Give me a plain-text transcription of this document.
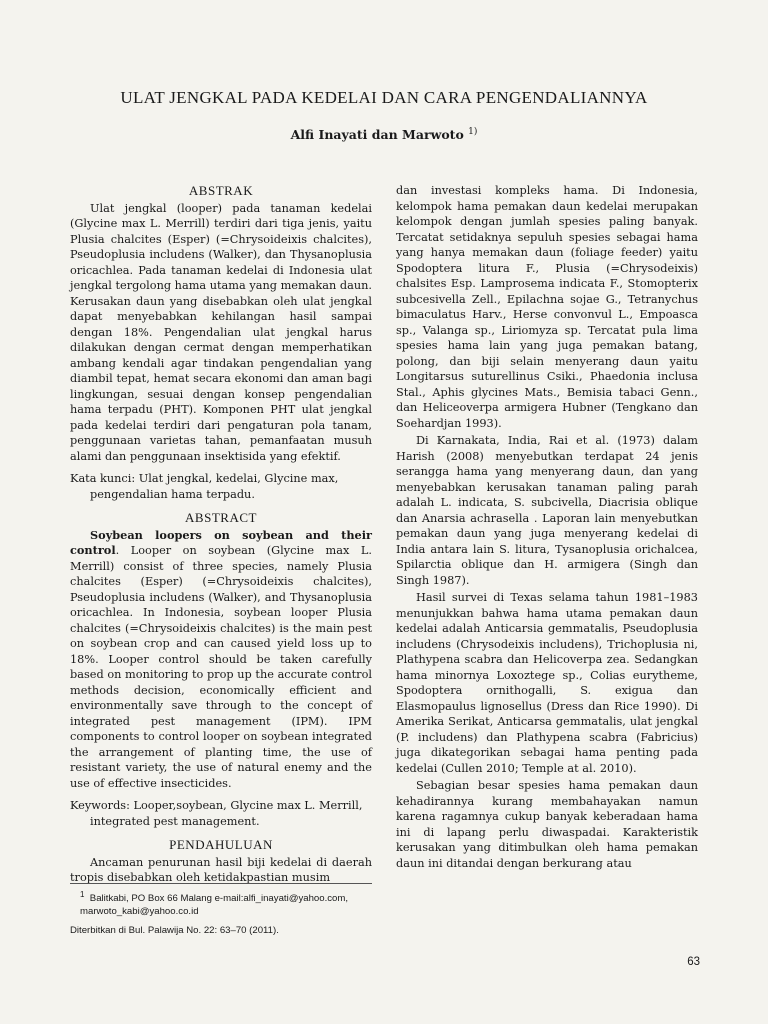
ULAT JENGKAL PADA KEDELAI DAN CARA PENGENDALIANNYA
Alfi Inayati dan Marwoto $^{1)}$
ABSTRAK

Ulat jengkal (looper) pada tanaman kedelai (Glycine max L. Merrill) terdiri dari tiga jenis, yaitu Plusia chalcites (Esper) (=Chrysoideixis chalcites), Pseudoplusia includens (Walker), dan Thysanoplusia oricachlea. Pada tanaman kedelai di Indonesia ulat jengkal tergolong hama utama yang memakan daun. Kerusakan daun yang disebabkan oleh ulat jengkal dapat menyebabkan kehilangan hasil sampai dengan 18%. Pengendalian ulat jengkal harus dilakukan dengan cermat dengan memperhatikan ambang kendali agar tindakan pengendalian yang diambil tepat, hemat secara ekonomi dan aman bagi lingkungan, sesuai dengan konsep pengendalian hama terpadu (PHT). Komponen PHT ulat jengkal pada kedelai terdiri dari pengaturan pola tanam, penggunaan varietas tahan, pemanfaatan musuh alami dan penggunaan insektisida yang efektif.

Kata kunci: Ulat jengkal, kedelai, Glycine max, pengendalian hama terpadu.

ABSTRACT

Soybean loopers on soybean and their control. Looper on soybean (Glycine max L. Merrill) consist of three species, namely Plusia chalcites (Esper) (=Chrysoideixis chalcites), Pseudoplusia includens (Walker), and Thysanoplusia oricachlea. In Indonesia, soybean looper Plusia chalcites (=Chrysoideixis chalcites) is the main pest on soybean crop and can caused yield loss up to 18%. Looper control should be taken carefully based on monitoring to prop up the accurate control methods decision, economically efficient and environmentally save through to the concept of integrated pest management (IPM). IPM components to control looper on soybean integrated the arrangement of planting time, the use of resistant variety, the use of natural enemy and the use of effective insecticides.

Keywords: Looper,soybean, Glycine max L. Merrill, integrated pest management.

PENDAHULUAN

Ancaman penurunan hasil biji kedelai di daerah tropis disebabkan oleh ketidakpastian musim

dan investasi kompleks hama. Di Indonesia, kelompok hama pemakan daun kedelai merupakan kelompok dengan jumlah spesies paling banyak. Tercatat setidaknya sepuluh spesies sebagai hama yang hanya memakan daun (foliage feeder) yaitu Spodoptera litura F., Plusia (=Chrysodeixis) chalsites Esp. Lamprosema indicata F., Stomopterix subcesivella Zell., Epilachna sojae G., Tetranychus bimaculatus Harv., Herse convonvul L., Empoasca sp., Valanga sp., Liriomyza sp. Tercatat pula lima spesies hama lain yang juga pemakan batang, polong, dan biji selain menyerang daun yaitu Longitarsus suturellinus Csiki., Phaedonia inclusa Stal., Aphis glycines Mats., Bemisia tabaci Genn., dan Heliceoverpa armigera Hubner (Tengkano dan Soehardjan 1993).

Di Karnakata, India, Rai et al. (1973) dalam Harish (2008) menyebutkan terdapat 24 jenis serangga hama yang menyerang daun, dan yang menyebabkan kerusakan tanaman paling parah adalah L. indicata, S. subcivella, Diacrisia oblique dan Anarsia achrasella . Laporan lain menyebutkan pemakan daun yang juga menyerang kedelai di India antara lain S. litura, Tysanoplusia orichalcea, Spilarctia oblique dan H. armigera (Singh dan Singh 1987).

Hasil survei di Texas selama tahun 1981–1983 menunjukkan bahwa hama utama pemakan daun kedelai adalah Anticarsia gemmatalis, Pseudoplusia includens (Chrysodeixis includens), Trichoplusia ni, Plathypena scabra dan Helicoverpa zea. Sedangkan hama minornya Loxoztege sp., Colias eurytheme, Spodoptera ornithogalli, S. exigua dan Elasmopaulus lignosellus (Dress dan Rice 1990). Di Amerika Serikat, Anticarsa gemmatalis, ulat jengkal (P. includens) dan Plathypena scabra (Fabricius) juga dikategorikan sebagai hama penting pada kedelai (Cullen 2010; Temple at al. 2010).

Sebagian besar spesies hama pemakan daun kehadirannya kurang membahayakan namun karena ragamnya cukup banyak keberadaan hama ini di lapang perlu diwaspadai. Karakteristik kerusakan yang ditimbulkan oleh hama pemakan daun ini ditandai dengan berkurang atau

$^1$ Balitkabi, PO Box 66 Malang e-mail:alfi_inayati@yahoo.com,
marwoto_kabi@yahoo.co.id
Diterbitkan di Bul. Palawija No. 22: 63–70 (2011).
63
